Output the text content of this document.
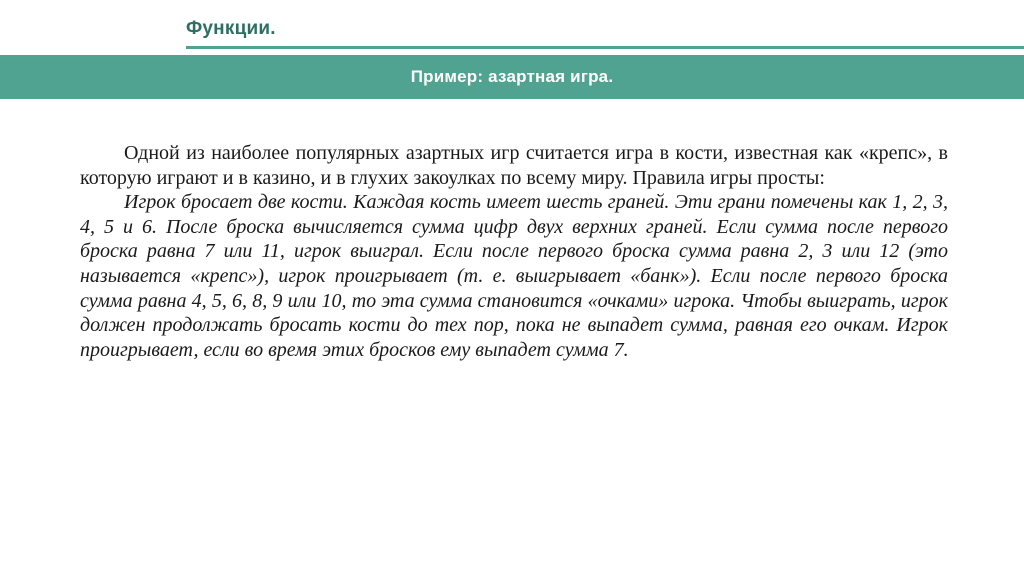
Функции.
Пример: азартная игра.

Одной из наиболее популярных азартных игр считается игра в кости, известная как «крепс», в которую играют и в казино, и в глухих закоулках по всему миру. Правила игры просты:

Игрок бросает две кости. Каждая кость имеет шесть граней. Эти грани помечены как 1, 2, 3, 4, 5 и 6. После броска вычисляется сумма цифр двух верхних граней. Если сумма после первого броска равна 7 или 11, игрок выиграл. Если после первого броска сумма равна 2, 3 или 12 (это называется «крепс»), игрок проигрывает (т. е. выигрывает «банк»). Если после первого броска сумма равна 4, 5, 6, 8, 9 или 10, то эта сумма становится «очками» игрока. Чтобы выиграть, игрок должен продолжать бросать кости до тех пор, пока не выпадет сумма, равная его очкам. Игрок проигрывает, если во время этих бросков ему выпадет сумма 7.
